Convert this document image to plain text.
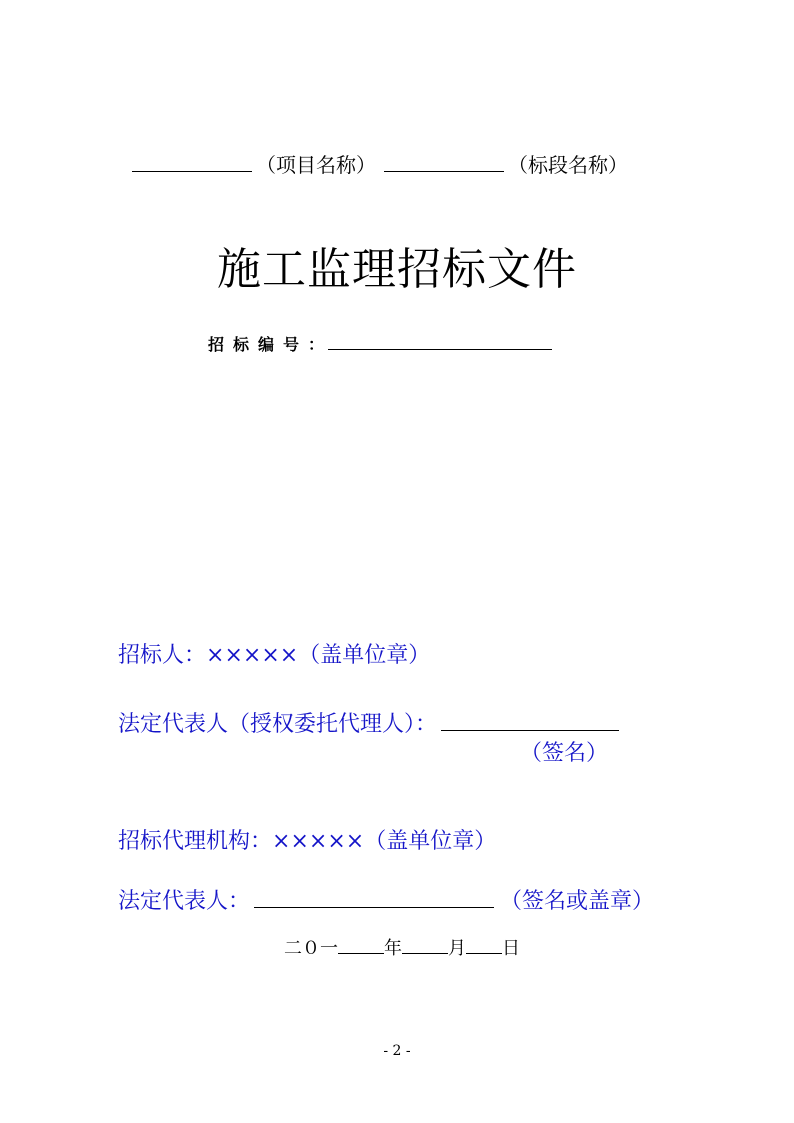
（项目名称）	（标段名称）
施工监理招标文件
招标编号：
招标人：×××××（盖单位章）
法定代表人（授权委托代理人）：
（签名）
招标代理机构：×××××（盖单位章）
法定代表人：	（签名或盖章）
二０一	年	月 日
- 2 -
